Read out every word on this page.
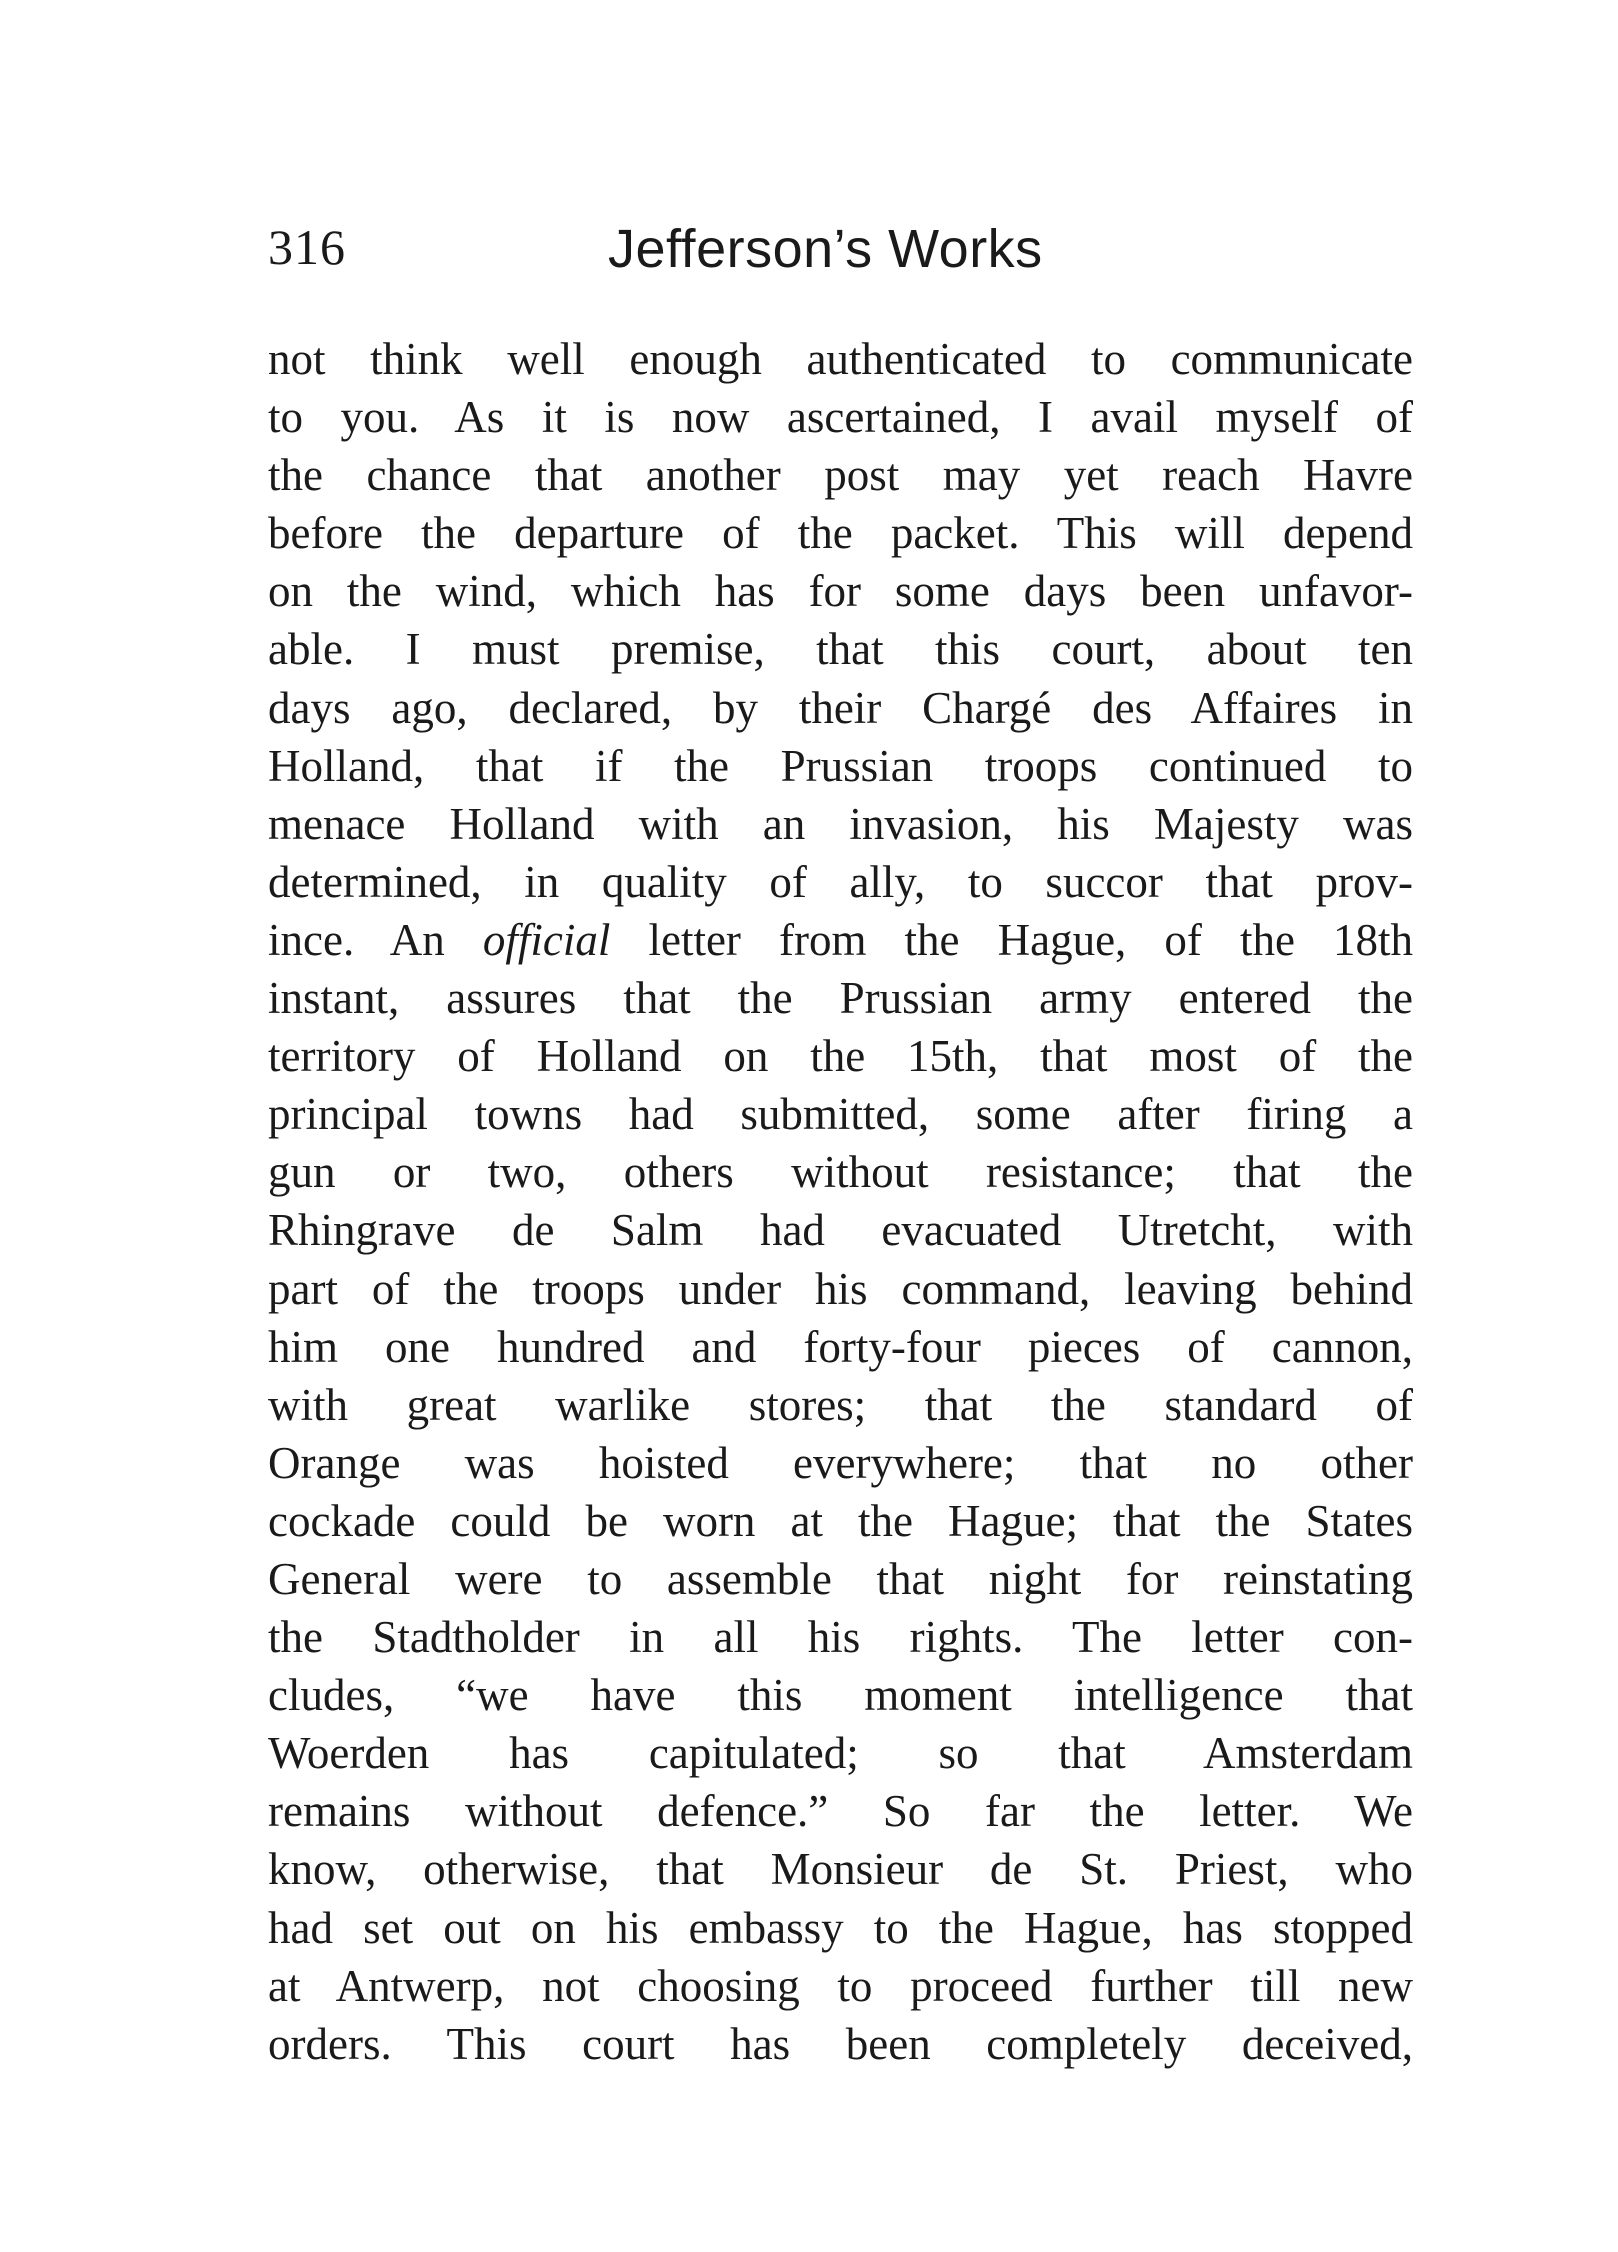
316	Jefferson’s Works
not think well enough authenticated to communicate
to you. As it is now ascertained, I avail myself of
the chance that another post may yet reach Havre
before the departure of the packet. This will depend
on the wind, which has for some days been unfavor-
able. I must premise, that this court, about ten
days ago, declared, by their Chargé des Affaires in
Holland, that if the Prussian troops continued to
menace Holland with an invasion, his Majesty was
determined, in quality of ally, to succor that prov-
ince. An official letter from the Hague, of the 18th
instant, assures that the Prussian army entered the
territory of Holland on the 15th, that most of the
principal towns had submitted, some after firing a
gun or two, others without resistance; that the
Rhingrave de Salm had evacuated Utretcht, with
part of the troops under his command, leaving behind
him one hundred and forty-four pieces of cannon,
with great warlike stores; that the standard of
Orange was hoisted everywhere; that no other
cockade could be worn at the Hague; that the States
General were to assemble that night for reinstating
the Stadtholder in all his rights. The letter con-
cludes, “we have this moment intelligence that
Woerden has capitulated; so that Amsterdam
remains without defence.” So far the letter. We
know, otherwise, that Monsieur de St. Priest, who
had set out on his embassy to the Hague, has stopped
at Antwerp, not choosing to proceed further till new
orders. This court has been completely deceived,
